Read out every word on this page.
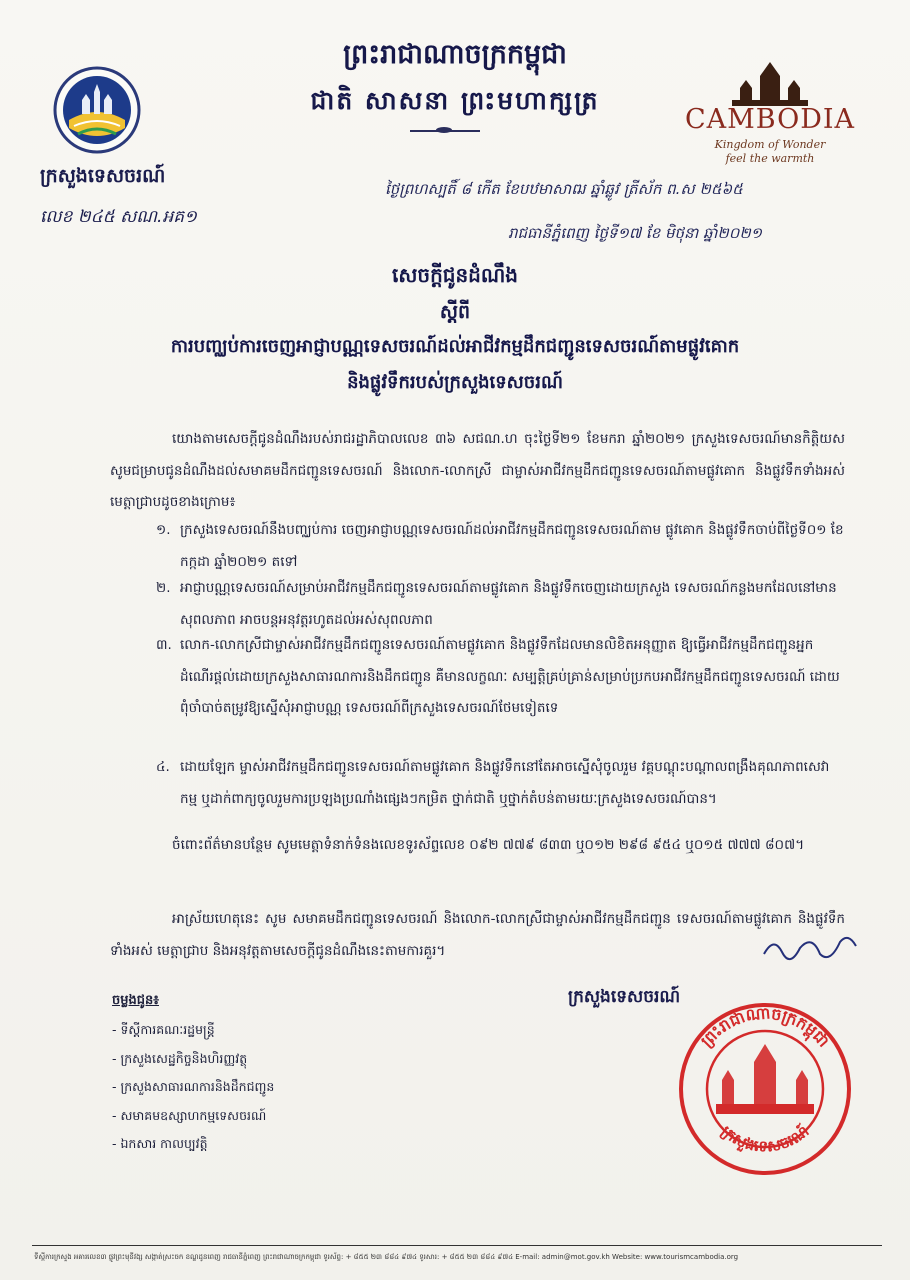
ក្រសួងទេសចរណ៍
លេខ ២៤៥ សណ.អគ១
ព្រះរាជាណាចក្រកម្ពុជា
ជាតិ សាសនា ព្រះមហាក្សត្រ
CAMBODIA
Kingdom of Wonder
feel the warmth
ថ្ងៃព្រហស្បតិ៍ ៨ កើត ខែបឋមាសាឍ ឆ្នាំឆ្លូវ ត្រីស័ក ព.ស ២៥៦៥
រាជធានីភ្នំពេញ ថ្ងៃទី១៧ ខែ មិថុនា ឆ្នាំ២០២១
សេចក្តីជូនដំណឹង
ស្តីពី
ការបញ្ឈប់ការចេញអាជ្ញាបណ្ណទេសចរណ៍ដល់អាជីវកម្មដឹកជញ្ជូនទេសចរណ៍តាមផ្លូវគោក
និងផ្លូវទឹករបស់ក្រសួងទេសចរណ៍
យោងតាមសេចក្តីជូនដំណឹងរបស់រាជរដ្ឋាភិបាលលេខ ៣៦ សជណ.ហ ចុះថ្ងៃទី២១ ខែមករា ឆ្នាំ២០២១ ក្រសួងទេសចរណ៍មានកិត្តិយសសូមជម្រាបជូនដំណឹងដល់សមាគមដឹកជញ្ជូនទេសចរណ៍ និងលោក-លោកស្រី ជាម្ចាស់អាជីវកម្មដឹកជញ្ជូនទេសចរណ៍តាមផ្លូវគោក និងផ្លូវទឹកទាំងអស់ មេត្តាជ្រាបដូចខាងក្រោម៖
១. ក្រសួងទេសចរណ៍នឹងបញ្ឈប់ការ ចេញអាជ្ញាបណ្ណទេសចរណ៍ដល់អាជីវកម្មដឹកជញ្ជូនទេសចរណ៍តាម ផ្លូវគោក និងផ្លូវទឹកចាប់ពីថ្ងៃទី០១ ខែកក្កដា ឆ្នាំ២០២១ តទៅ
២. អាជ្ញាបណ្ណទេសចរណ៍សម្រាប់អាជីវកម្មដឹកជញ្ជូនទេសចរណ៍តាមផ្លូវគោក និងផ្លូវទឹកចេញដោយក្រសួង ទេសចរណ៍កន្លងមកដែលនៅមានសុពលភាព អាចបន្តអនុវត្តរហូតដល់អស់សុពលភាព
៣. លោក-លោកស្រីជាម្ចាស់អាជីវកម្មដឹកជញ្ជូនទេសចរណ៍តាមផ្លូវគោក និងផ្លូវទឹកដែលមានលិខិតអនុញ្ញាត ឱ្យធ្វើអាជីវកម្មដឹកជញ្ជូនអ្នកដំណើរផ្តល់ដោយក្រសួងសាធារណការនិងដឹកជញ្ជូន គឺមានលក្ខណៈ សម្បត្តិគ្រប់គ្រាន់សម្រាប់ប្រកបអាជីវកម្មដឹកជញ្ជូនទេសចរណ៍ ដោយពុំចាំបាច់តម្រូវឱ្យស្នើសុំអាជ្ញាបណ្ណ ទេសចរណ៍ពីក្រសួងទេសចរណ៍ថែមទៀតទេ
៤. ដោយឡែក ម្ចាស់អាជីវកម្មដឹកជញ្ជូនទេសចរណ៍តាមផ្លូវគោក និងផ្លូវទឹកនៅតែអាចស្នើសុំចូលរួម វគ្គបណ្តុះបណ្តាលពង្រឹងគុណភាពសេវាកម្ម ឬដាក់ពាក្យចូលរួមការប្រឡងប្រណាំងផ្សេងៗកម្រិត ថ្នាក់ជាតិ ឬថ្នាក់តំបន់តាមរយៈក្រសួងទេសចរណ៍បាន។
ចំពោះព័ត៌មានបន្ថែម សូមមេត្តាទំនាក់ទំនងលេខទូរស័ព្ទលេខ ០៩២ ៧៧៩ ៨៣៣ ឬ០១២ ២៩៨ ៩៥៤ ឬ០១៥ ៧៧៧ ៨០៧។
អាស្រ័យហេតុនេះ សូម សមាគមដឹកជញ្ជូនទេសចរណ៍ និងលោក-លោកស្រីជាម្ចាស់អាជីវកម្មដឹកជញ្ជូន ទេសចរណ៍តាមផ្លូវគោក និងផ្លូវទឹកទាំងអស់ មេត្តាជ្រាប និងអនុវត្តតាមសេចក្តីជូនដំណឹងនេះតាមការគួរ។
ចម្លងជូន៖
- ទីស្តីការគណៈរដ្ឋមន្ត្រី
- ក្រសួងសេដ្ឋកិច្ចនិងហិរញ្ញវត្ថុ
- ក្រសួងសាធារណការនិងដឹកជញ្ជូន
- សមាគមឧស្សាហកម្មទេសចរណ៍
- ឯកសារ កាលប្បវត្តិ
ក្រសួងទេសចរណ៍
ព្រះរាជាណាចក្រកម្ពុជា
ក្រសួងទេសចរណ៍
ទីស្តីការក្រសួង អគារលេខ៣ ផ្លូវព្រះមុនីវង្ស សង្កាត់ស្រះចក ខណ្ឌដូនពេញ រាជធានីភ្នំពេញ ព្រះរាជាណាចក្រកម្ពុជា ទូរស័ព្ទ: + ៨៥៥ ២៣ ៨៨៤ ៩៧៤ ទូរសារ: + ៨៥៥ ២៣ ៨៨៤ ៩៧៤ E-mail: admin@mot.gov.kh Website: www.tourismcambodia.org
